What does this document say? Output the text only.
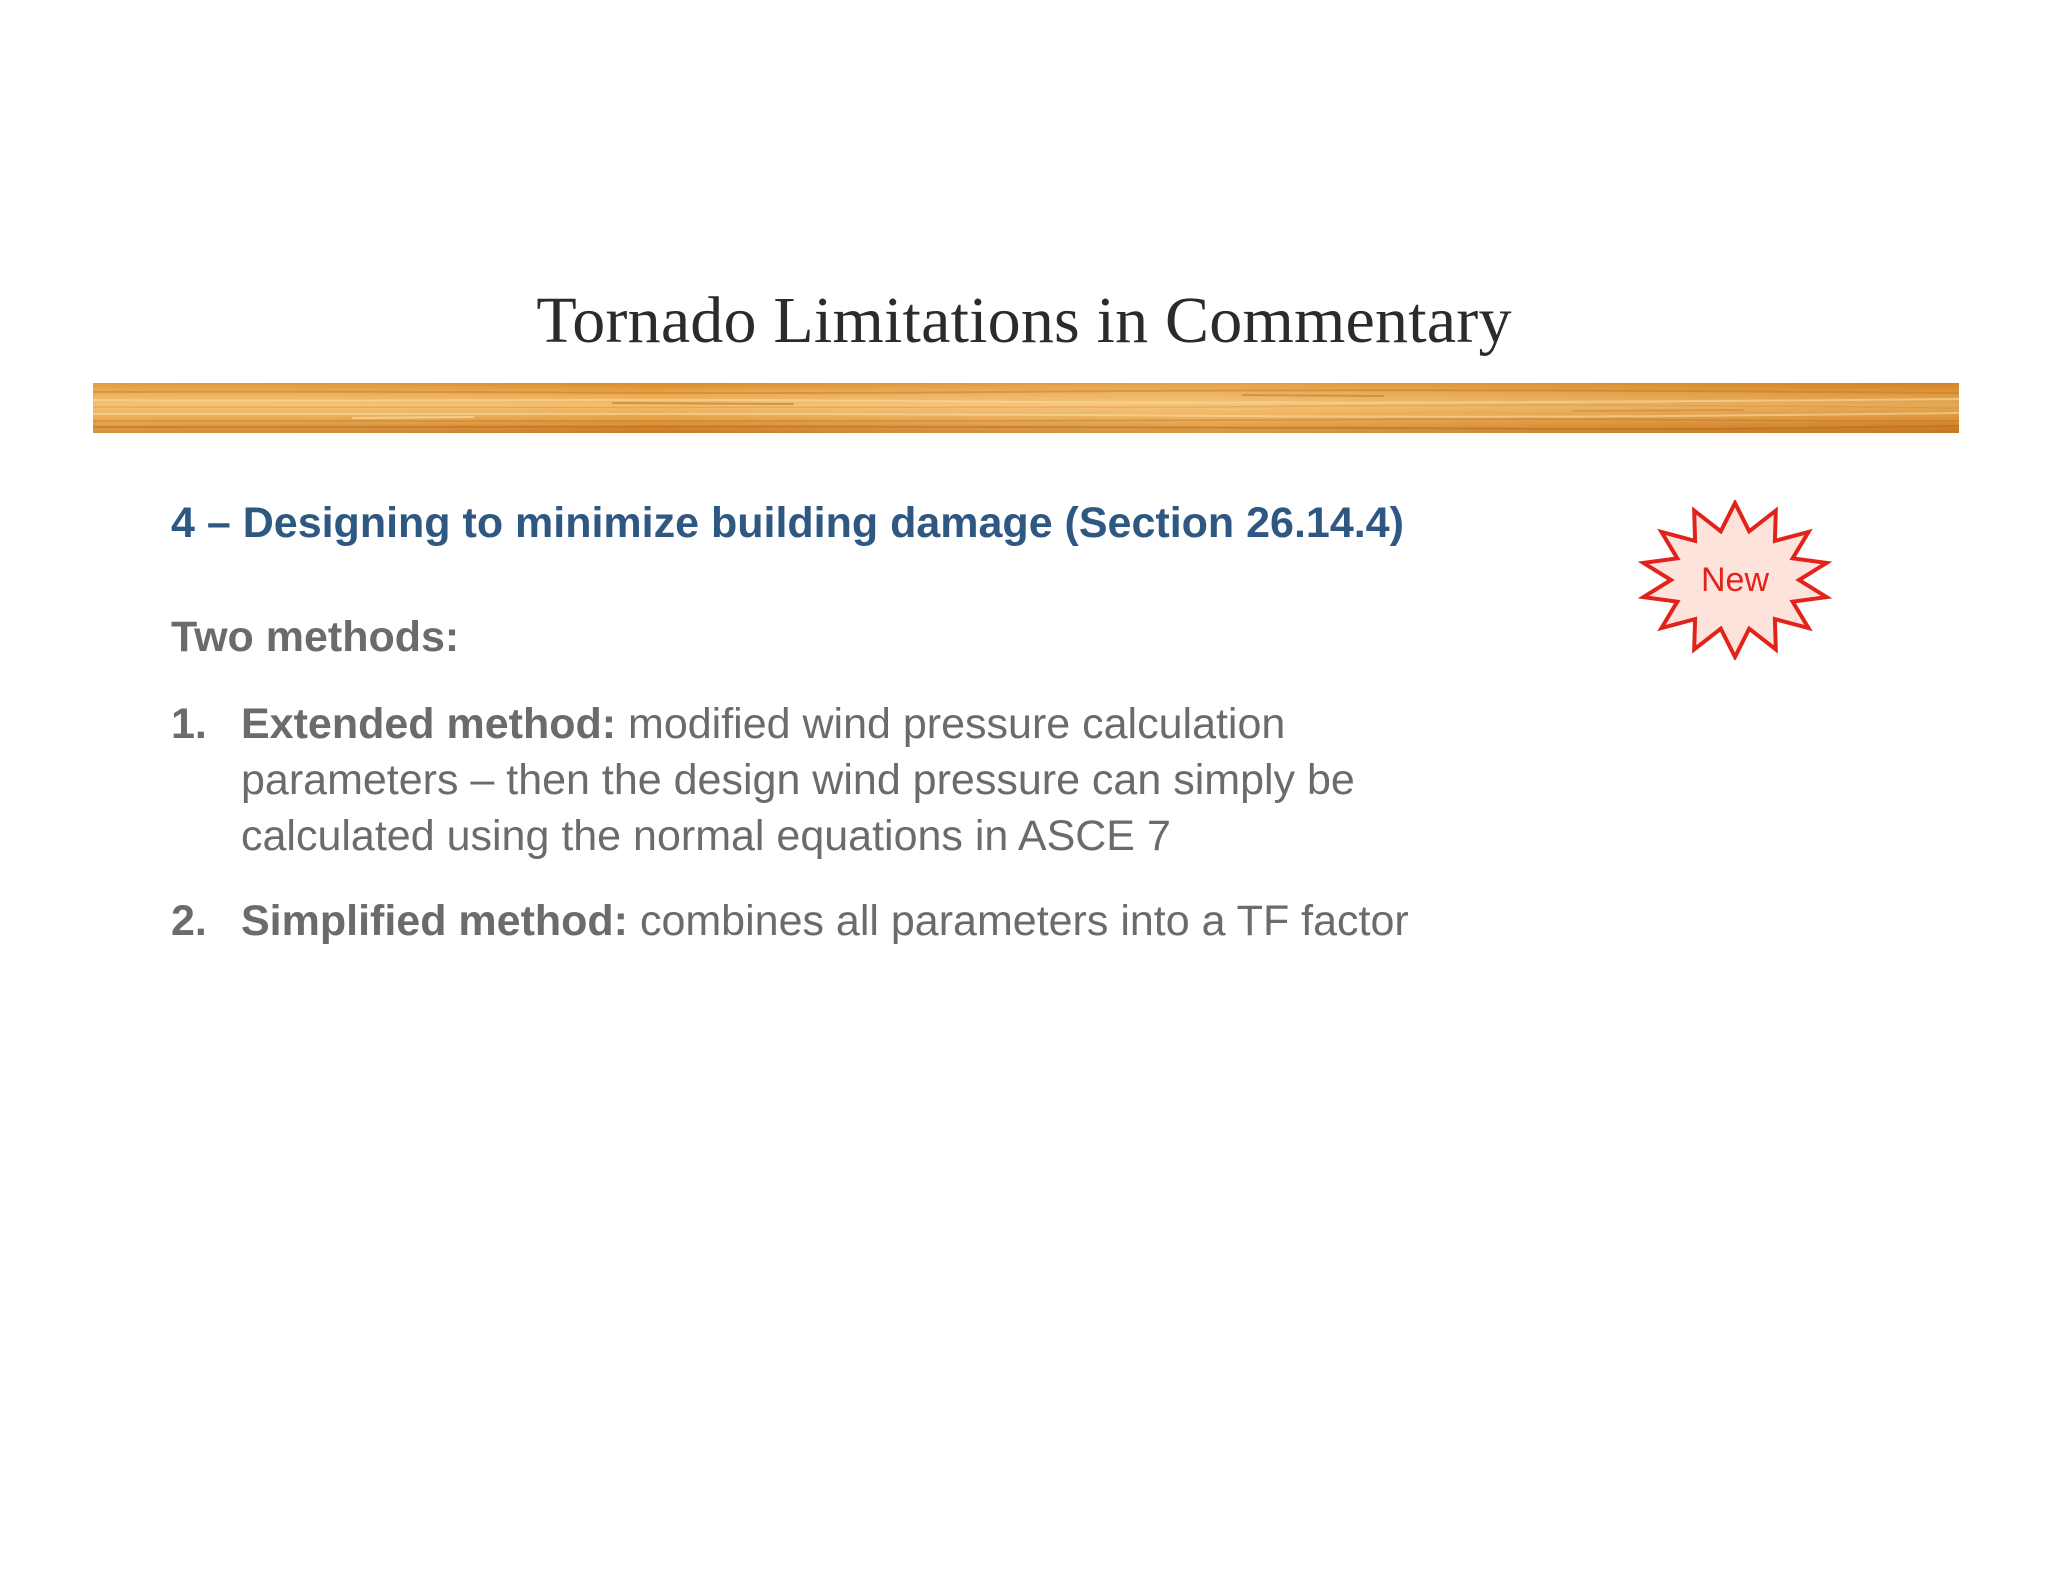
Tornado Limitations in Commentary
4 – Designing to minimize building damage (Section 26.14.4)
Two methods:
1. Extended method: modified wind pressure calculation
parameters – then the design wind pressure can simply be
calculated using the normal equations in ASCE 7
2. Simplified method: combines all parameters into a TF factor
New
